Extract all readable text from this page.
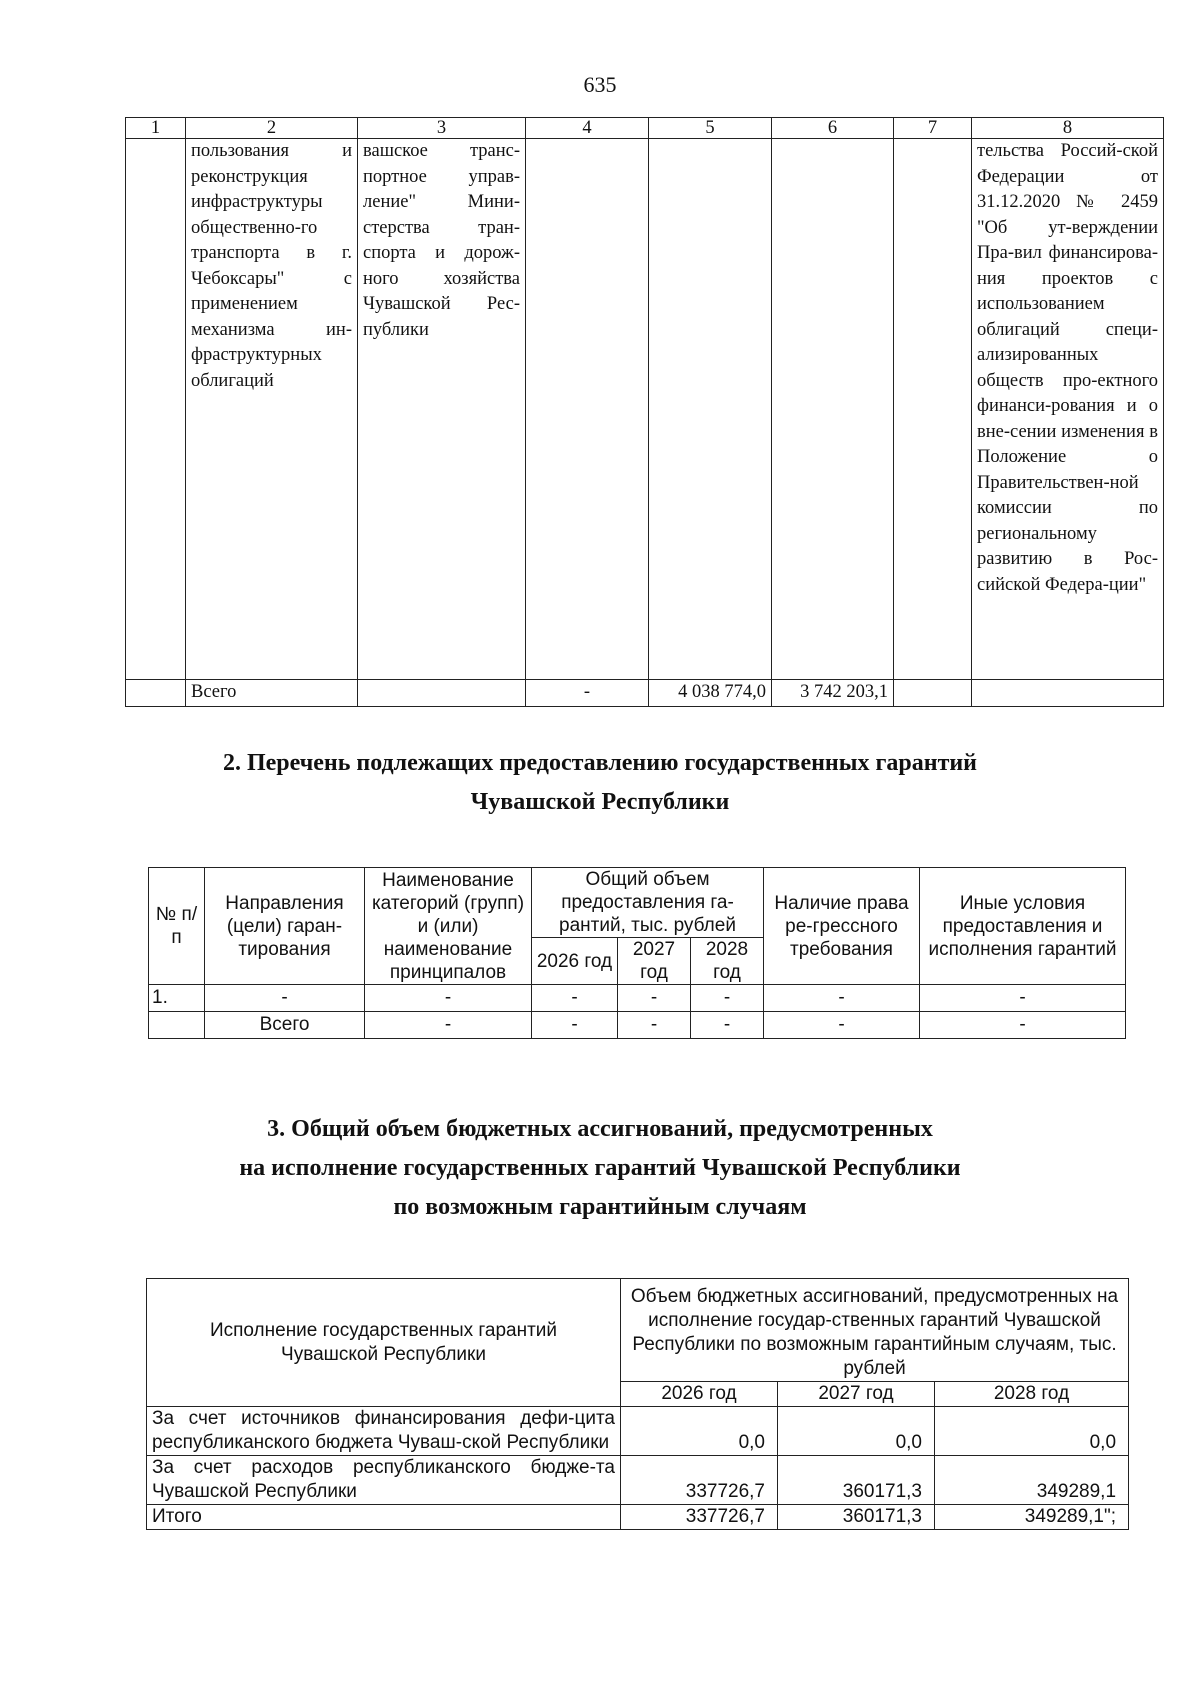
635
1	2	3	4	5	6	7	8
	пользования и реконструкция инфраструктуры общественно-го транспорта в г. Чебоксары" с применением механизма ин-фраструктурных облигаций	вашское транс-портное управ-ление" Мини-стерства тран-спорта и дорож-ного хозяйства Чувашской Рес-публики					тельства Россий-ской Федерации от 31.12.2020 № 2459 "Об ут-верждении Пра-вил финансирова-ния проектов с использованием облигаций специ-ализированных обществ про-ектного финанси-рования и о вне-сении изменения в Положение о Правительствен-ной комиссии по региональному развитию в Рос-сийской Федера-ции"
	Всего		-	4 038 774,0	3 742 203,1		
2. Перечень подлежащих предоставлению государственных гарантий
Чувашской Республики
№ п/п	Направления (цели) гаран-тирования	Наименование категорий (групп) и (или) наименование принципалов	Общий объем предоставления га-рантий, тыс. рублей			Наличие права ре-грессного требования	Иные условия предоставления и исполнения гарантий
			2026 год	2027 год	2028 год		
1.	-	-	-	-	-	-	-
	Всего	-	-	-	-	-	-
3. Общий объем бюджетных ассигнований, предусмотренных
на исполнение государственных гарантий Чувашской Республики
по возможным гарантийным случаям
Исполнение государственных гарантий Чувашской Республики	Объем бюджетных ассигнований, предусмотренных на исполнение государ-ственных гарантий Чувашской Республики по возможным гарантийным случаям, тыс. рублей		
	2026 год	2027 год	2028 год
За счет источников финансирования дефи-цита республиканского бюджета Чуваш-ской Республики	0,0	0,0	0,0
За счет расходов республиканского бюдже-та Чувашской Республики	337726,7	360171,3	349289,1
Итого	337726,7	360171,3	349289,1";
